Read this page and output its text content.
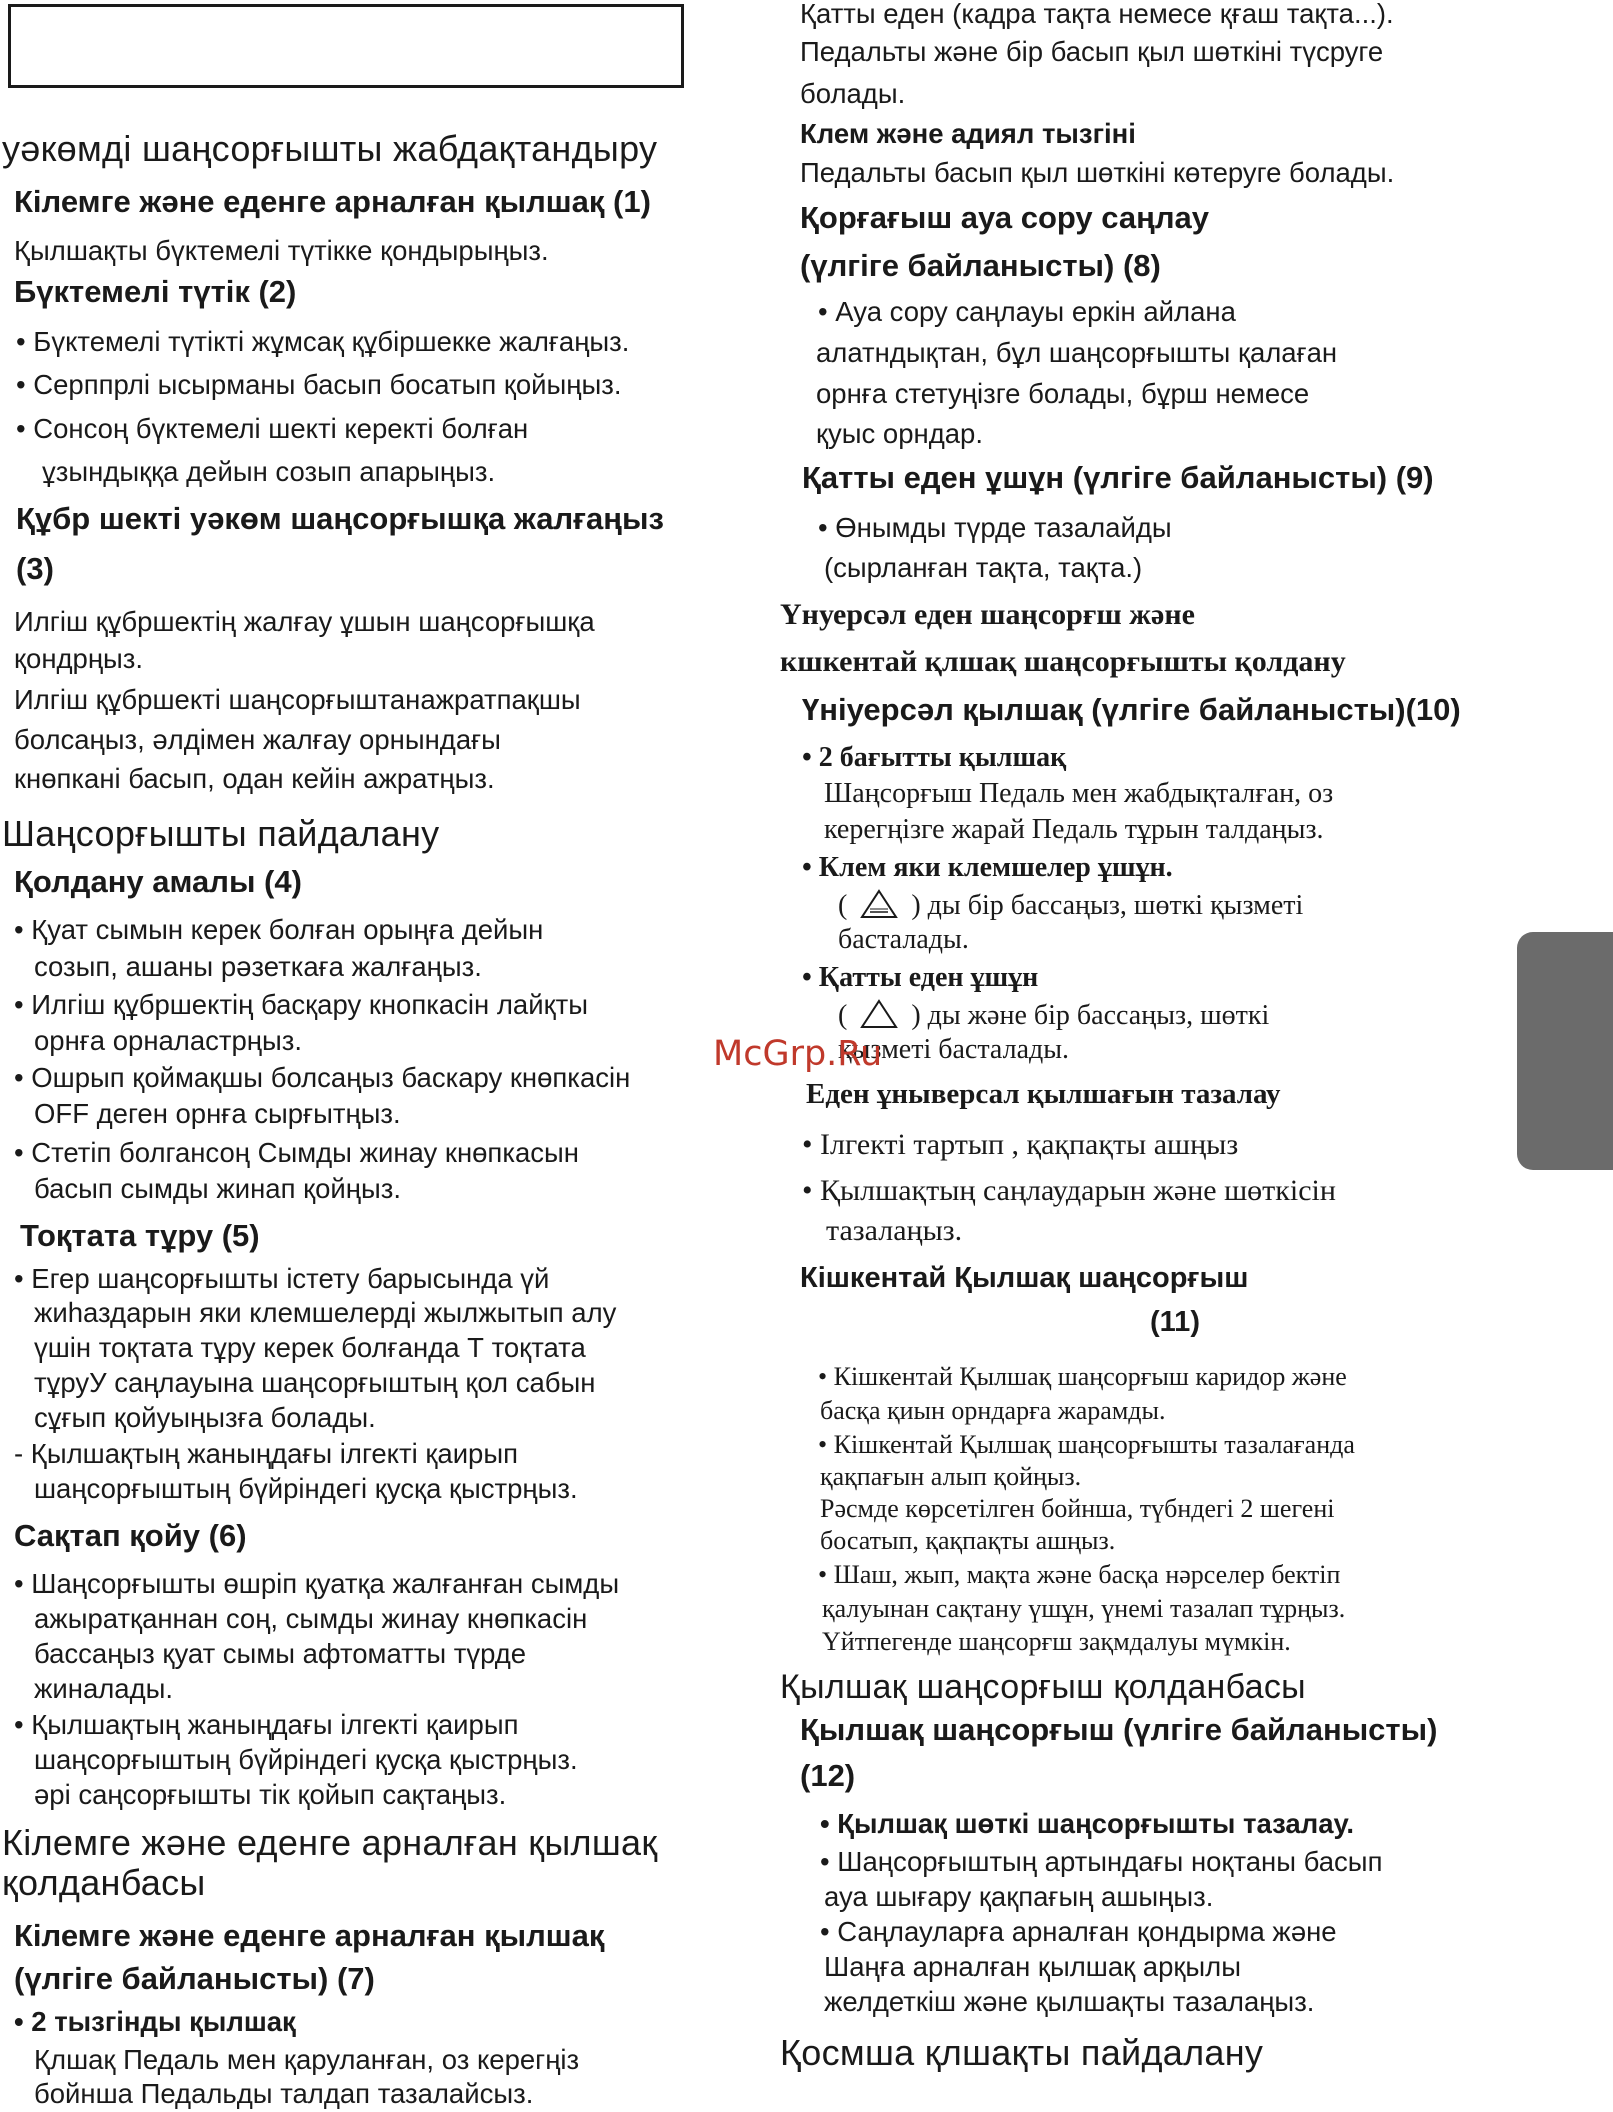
уәкөмді шаңсорғышты жабдақтандыру
Кілемге және еденге арналған қылшақ (1)
Қылшақты бүктемелі түтікке қондырыңыз.
Бүктемелі түтік (2)
• Бүктемелі түтікті жұмсақ құбіршекке жалғаңыз.
• Серппрлі ысырманы басып босатып қойыңыз.
• Сонсоң бүктемелі шекті керекті болған
ұзындыққа дейын созып апарыңыз.
Құбр шекті уәкөм шаңсорғышқа жалғаңыз
(3)
Илгіш құбршектің жалғау ұшын шаңсорғышқа
қондрңыз.
Илгіш құбршекті шаңсорғыштанажратпақшы
болсаңыз, әлдімен жалғау орнындағы
кнөпкані басып, одан кейін ажратңыз.
Шаңсорғышты пайдалану
Қолдану амалы (4)
• Қуат сымын керек болған орыңға дейын
созып, ашаны рәзеткаға жалғаңыз.
• Илгіш құбршектің басқару кнопкасін лайқты
орнға орналастрңыз.
• Ошрып қоймақшы болсаңыз баскару кнөпкасін
OFF деген орнға сырғытңыз.
• Стетіп болгансоң Сымды жинау кнөпкасын
басып сымды жинап қойңыз.
Тоқтата тұру (5)
• Егер шаңсорғышты істету барысында үй
жиһаздарын яки клемшелерді жылжытып алу
үшін тоқтата тұру керек болғанда Т тоқтата
тұруУ саңлауына шаңсорғыштың қол сабын
сұғып қойуыңызға болады.
- Қылшақтың жаныңдағы ілгекті қаирып
шаңсорғыштың бүйріндегі қусқа қыстрңыз.
Сақтап қойу (6)
• Шаңсорғышты өшріп қуатқа жалғанған сымды
ажыратқаннан соң, сымды жинау кнөпкасін
бассаңыз қуат сымы афтоматты түрде
жиналады.
• Қылшақтың жаныңдағы ілгекті қаирып
шаңсорғыштың бүйріндегі қусқа қыстрңыз.
әрі саңсорғышты тік қойып сақтаңыз.
Кілемге және еденге арналған қылшақ
қолданбасы
Кілемге және еденге арналған қылшақ
(үлгіге байланысты) (7)
• 2 тызгінды қылшақ
Қлшақ Педаль мен қаруланған, оз керегңіз
бойнша Педальды талдап тазалайсыз.
Қатты еден (кадра тақта немесе қғаш тақта...).
Педальты және бір басып қыл шөткіні түсруге
болады.
Клем және адиял тызгіні
Педальты басып қыл шөткіні көтеруге болады.
Қорғағыш ауа сору саңлау
(үлгіге байланысты) (8)
• Ауа сору саңлауы еркін айлана
алатндықтан, бұл шаңсорғышты қалаған
орнға стетуңізге болады, бұрш немесе
қуыс орндар.
Қатты еден ұшұн (үлгіге байланысты) (9)
• Өнымды түрде тазалайды
(сырланған тақта, тақта.)
Үнуерсәл еден шаңсорғш және
кшкентай қлшақ шаңсорғышты қолдану
Үніуерсәл қылшақ (үлгіге байланысты)(10)
• 2 бағытты қылшақ
Шаңсорғыш Педаль мен жабдықталған, оз
керегңізге жарай Педаль тұрын талдаңыз.
• Клем яки клемшелер ұшұн.
( ) ды бір бассаңыз, шөткі қызметі
басталады.
• Қатты еден ұшұн
( ) ды және бір бассаңыз, шөткі
қызметі басталады.
Еден ұныверсал қылшағын тазалау
• Ілгекті тартып , қақпақты ашңыз
• Қылшақтың саңлаударын және шөткісін
тазалаңыз.
Кішкентай Қылшақ шаңсорғыш
(11)
• Кішкентай Қылшақ шаңсорғыш каридор және
басқа қиын орндарға жарамды.
• Кішкентай Қылшақ шаңсорғышты тазалағанда
қақпағын алып қойңыз.
Рәсмде көрсетілген бойнша, түбндегі 2 шегені
босатып, қақпақты ашңыз.
• Шаш, жып, мақта және басқа нәрселер бектіп
қалуынан сақтану үшұн, үнемі тазалап тұрңыз.
Үйтпегенде шаңсорғш зақмдалуы мүмкін.
Қылшақ шаңсорғыш қолданбасы
Қылшақ шаңсорғыш (үлгіге байланысты)
(12)
• Қылшақ шөткі шаңсорғышты тазалау.
• Шаңсорғыштың артындағы ноқтаны басып
ауа шығару қақпағың ашыңыз.
• Саңлауларға арналған қондырма және
Шаңға арналған қылшақ арқылы
желдеткіш және қылшақты тазалаңыз.
Қосмша қлшақты пайдалану
McGrp.Ru
